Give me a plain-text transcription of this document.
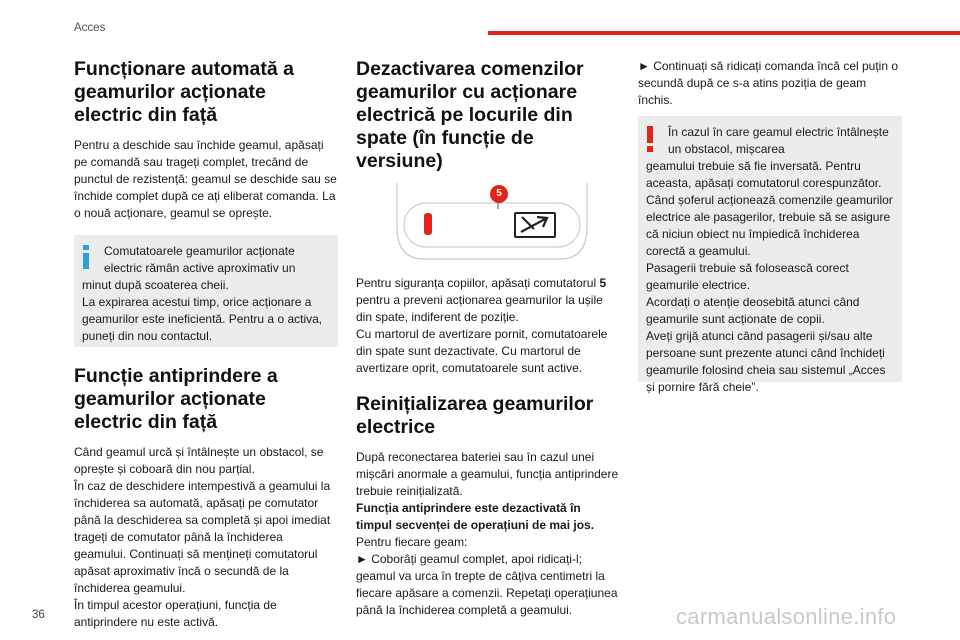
Acces
Funcționare automată a geamurilor acționate electric din față

Pentru a deschide sau închide geamul, apăsați pe comandă sau trageți complet, trecând de punctul de rezistență: geamul se deschide sau se închide complet după ce ați eliberat comanda. La o nouă acționare, geamul se oprește.

Comutatoarele geamurilor acționate electric rămân active aproximativ un
minut după scoaterea cheii.
La expirarea acestui timp, orice acționare a geamurilor este ineficientă. Pentru a o activa, puneți din nou contactul.
Funcție antiprindere a geamurilor acționate electric din față

Când geamul urcă și întâlnește un obstacol, se oprește și coboară din nou parțial.

În caz de deschidere intempestivă a geamului la închiderea sa automată, apăsați pe comutator până la deschiderea sa completă și apoi imediat trageți de comutator până la închiderea geamului. Continuați să mențineți comutatorul apăsat aproximativ încă o secundă de la închiderea geamului.

În timpul acestor operațiuni, funcția de antiprindere nu este activă.

Dezactivarea comenzilor geamurilor cu acționare electrică pe locurile din spate (în funcție de versiune)
5

Pentru siguranța copiilor, apăsați comutatorul 5 pentru a preveni acționarea geamurilor la ușile din spate, indiferent de poziție.

Cu martorul de avertizare pornit, comutatoarele din spate sunt dezactivate. Cu martorul de avertizare oprit, comutatoarele sunt active.

Reinițializarea geamurilor electrice

După reconectarea bateriei sau în cazul unei mișcări anormale a geamului, funcția antiprindere trebuie reinițializată.

Funcția antiprindere este dezactivată în timpul secvenței de operațiuni de mai jos.

Pentru fiecare geam:

► Coborâți geamul complet, apoi ridicați-l; geamul va urca în trepte de câțiva centimetri la fiecare apăsare a comenzii. Repetați operațiunea până la închiderea completă a geamului.

► Continuați să ridicați comanda încă cel puțin o secundă după ce s-a atins poziția de geam închis.

În cazul în care geamul electric întâlnește un obstacol, mișcarea
geamului trebuie să fie inversată. Pentru aceasta, apăsați comutatorul corespunzător.
Când șoferul acționează comenzile geamurilor electrice ale pasagerilor, trebuie să se asigure că niciun obiect nu împiedică închiderea corectă a geamului.
Pasagerii trebuie să folosească corect geamurile electrice.
Acordați o atenție deosebită atunci când geamurile sunt acționate de copii.
Aveți grijă atunci când pasagerii și/sau alte persoane sunt prezente atunci când închideți geamurile folosind cheia sau sistemul „Acces și pornire fără cheie”.
36	carmanualsonline.info
